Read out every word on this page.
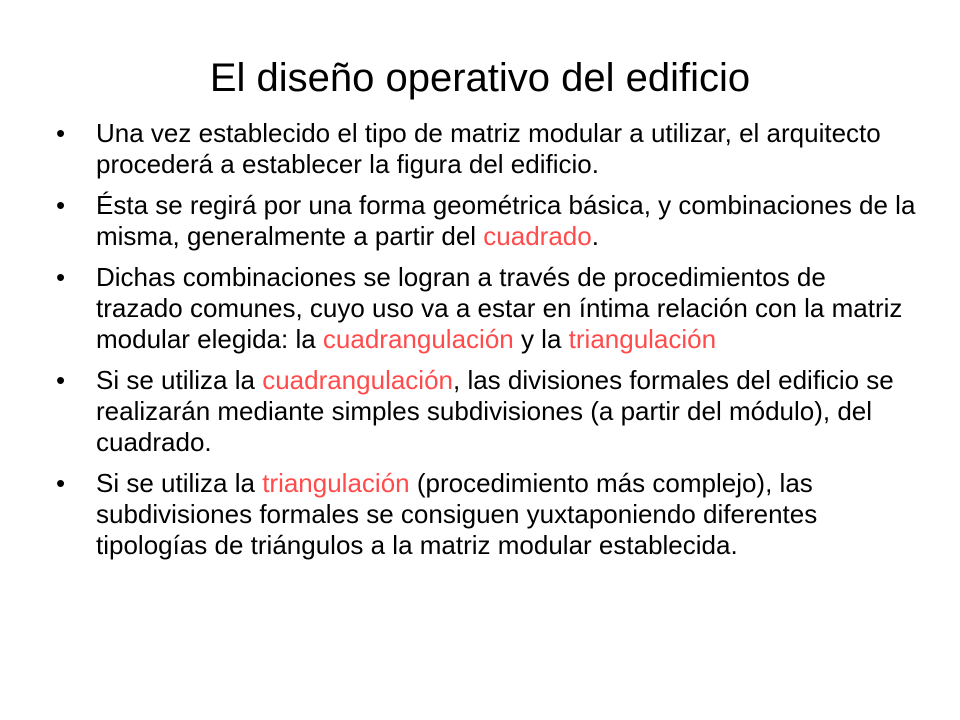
El diseño operativo del edificio
•	Una vez establecido el tipo de matriz modular a utilizar, el arquitecto procederá a establecer la figura del edificio.
•	Ésta se regirá por una forma geométrica básica, y combinaciones de la misma, generalmente a partir del cuadrado.
•	Dichas combinaciones se logran a través de procedimientos de trazado comunes, cuyo uso va a estar en íntima relación con la matriz modular elegida: la cuadrangulación y la triangulación
•	Si se utiliza la cuadrangulación, las divisiones formales del edificio se realizarán mediante simples subdivisiones (a partir del módulo), del cuadrado.
•	Si se utiliza la triangulación (procedimiento más complejo), las subdivisiones formales se consiguen yuxtaponiendo diferentes tipologías de triángulos a la matriz modular establecida.
